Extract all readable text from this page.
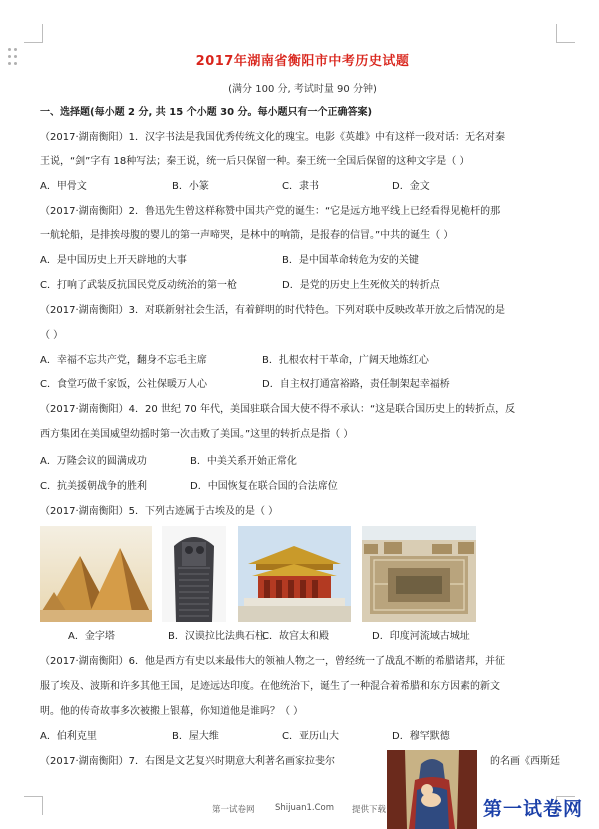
2017年湖南省衡阳市中考历史试题
(满分 100 分, 考试时量 90 分钟)
一、选择题(每小题 2 分, 共 15 个小题 30 分。每小题只有一个正确答案)
（2017·湖南衡阳）1．汉字书法是我国优秀传统文化的瑰宝。电影《英雄》中有这样一段对话：无名对秦
王说，“剑”字有 18种写法；秦王说，统一后只保留一种。秦王统一全国后保留的这种文字是（ ）
A．甲骨文	B．小篆	C．隶书	D．金文
（2017·湖南衡阳）2．鲁迅先生曾这样称赞中国共产党的诞生：“它是远方地平线上已经看得见桅杆的那
一航轮船，是排挨母腹的婴儿的第一声啼哭，是林中的响箭，是报春的信冒。”中共的诞生（ ）
A．是中国历史上开天辟地的大事	B．是中国革命转危为安的关键
C．打响了武装反抗国民党反动统治的第一枪	D．是党的历史上生死攸关的转折点
（2017·湖南衡阳）3．对联新射社会生活，有着鲜明的时代特色。下列对联中反映改革开放之后情况的是
（ ）
A．幸福不忘共产党，翻身不忘毛主席	B．扎根农村干革命，广阔天地炼红心
C．食堂巧做千家饭，公社保暖万人心	D．自主权打通富裕路，责任制架起幸福桥
（2017·湖南衡阳）4．20 世纪 70 年代，美国驻联合国大使不得不承认：“这是联合国历史上的转折点，反
西方集团在美国威望幼摇时第一次击败了美国。”这里的转折点是指（ ）
A．万隆会议的圆满成功	B．中美关系开始正常化
C．抗美援朝战争的胜利	D．中国恢复在联合国的合法席位
（2017·湖南衡阳）5．下列古迹属于古埃及的是（ ）
A．金字塔	B．汉谟拉比法典石柱
C．故宫太和殿	D．印度河流域古城址
（2017·湖南衡阳）6．他是西方有史以来最伟大的领袖人物之一，曾经统一了战乱不断的希腊诸邦，并征
服了埃及、波斯和许多其他王国，足迹远达印度。在他统治下，诞生了一种混合着希腊和东方因素的新文
明。他的传奇故事多次被搬上银幕，你知道他是谁吗？（ ）
A．伯利克里	B．屋大维	C．亚历山大	D．穆罕默德
（2017·湖南衡阳）7．右图是文艺复兴时期意大利著名画家拉斐尔	的名画《西斯廷
第一试卷网 Shijuan1.Com 提供下载	第一试卷网
